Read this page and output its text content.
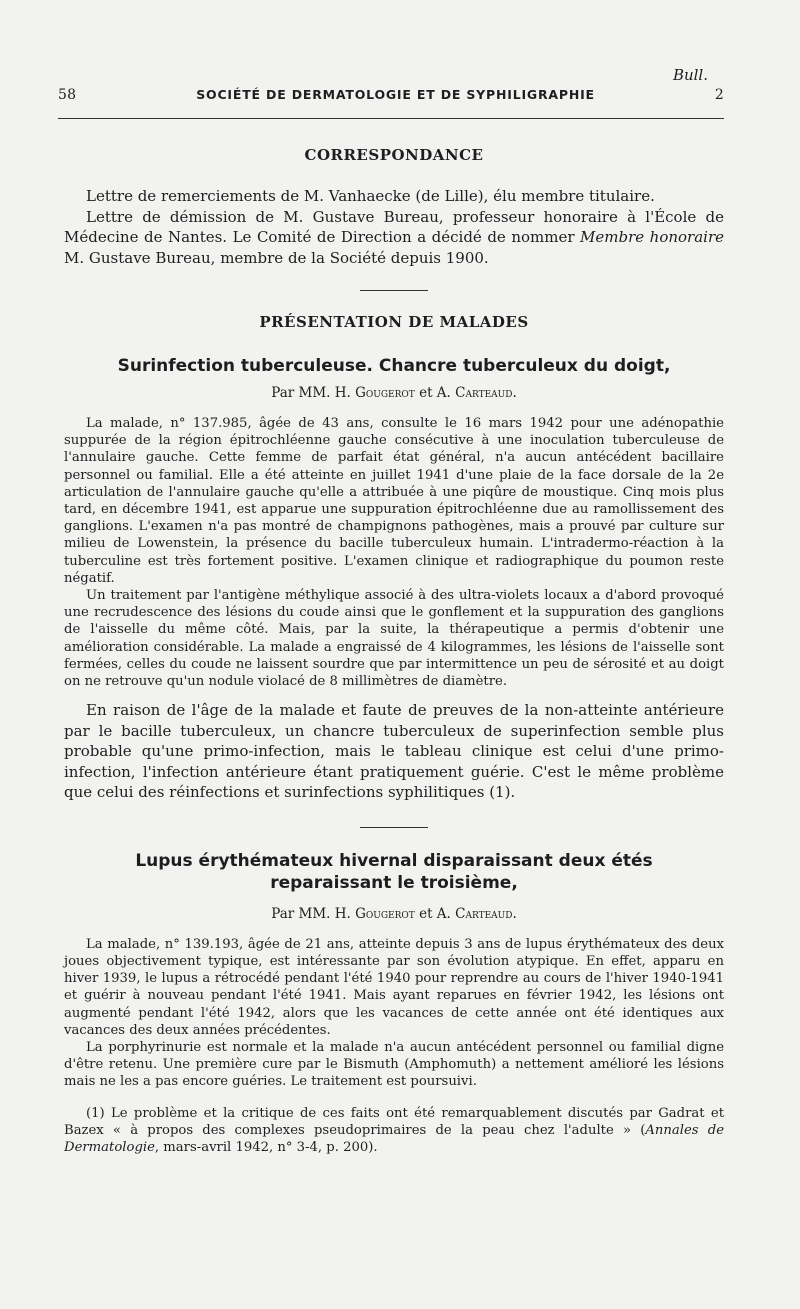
Bull.
58	SOCIÉTÉ DE DERMATOLOGIE ET DE SYPHILIGRAPHIE	2
CORRESPONDANCE

Lettre de remerciements de M. Vanhaecke (de Lille), élu membre titulaire.

Lettre de démission de M. Gustave Bureau, professeur honoraire à l'École de Médecine de Nantes. Le Comité de Direction a décidé de nommer Membre honoraire M. Gustave Bureau, membre de la Société depuis 1900.

PRÉSENTATION DE MALADES
Surinfection tuberculeuse. Chancre tuberculeux du doigt,

Par MM. H. Gougerot et A. Carteaud.

La malade, n° 137.985, âgée de 43 ans, consulte le 16 mars 1942 pour une adénopathie suppurée de la région épitrochléenne gauche consécutive à une inoculation tuberculeuse de l'annulaire gauche. Cette femme de parfait état général, n'a aucun antécédent bacillaire personnel ou familial. Elle a été atteinte en juillet 1941 d'une plaie de la face dorsale de la 2e articulation de l'annulaire gauche qu'elle a attribuée à une piqûre de moustique. Cinq mois plus tard, en décembre 1941, est apparue une suppuration épitrochléenne due au ramollissement des ganglions. L'examen n'a pas montré de champignons pathogènes, mais a prouvé par culture sur milieu de Lowenstein, la présence du bacille tuberculeux humain. L'intradermo-réaction à la tuberculine est très fortement positive. L'examen clinique et radiographique du poumon reste négatif.

Un traitement par l'antigène méthylique associé à des ultra-violets locaux a d'abord provoqué une recrudescence des lésions du coude ainsi que le gonflement et la suppuration des ganglions de l'aisselle du même côté. Mais, par la suite, la thérapeutique a permis d'obtenir une amélioration considérable. La malade a engraissé de 4 kilogrammes, les lésions de l'aisselle sont fermées, celles du coude ne laissent sourdre que par intermittence un peu de sérosité et au doigt on ne retrouve qu'un nodule violacé de 8 millimètres de diamètre.

En raison de l'âge de la malade et faute de preuves de la non-atteinte antérieure par le bacille tuberculeux, un chancre tuberculeux de superinfection semble plus probable qu'une primo-infection, mais le tableau clinique est celui d'une primo-infection, l'infection antérieure étant pratiquement guérie. C'est le même problème que celui des réinfections et surinfections syphilitiques (1).

Lupus érythémateux hivernal disparaissant deux étés
reparaissant le troisième,

Par MM. H. Gougerot et A. Carteaud.

La malade, n° 139.193, âgée de 21 ans, atteinte depuis 3 ans de lupus érythémateux des deux joues objectivement typique, est intéressante par son évolution atypique. En effet, apparu en hiver 1939, le lupus a rétrocédé pendant l'été 1940 pour reprendre au cours de l'hiver 1940-1941 et guérir à nouveau pendant l'été 1941. Mais ayant reparues en février 1942, les lésions ont augmenté pendant l'été 1942, alors que les vacances de cette année ont été identiques aux vacances des deux années précédentes.

La porphyrinurie est normale et la malade n'a aucun antécédent personnel ou familial digne d'être retenu. Une première cure par le Bismuth (Amphomuth) a nettement amélioré les lésions mais ne les a pas encore guéries. Le traitement est poursuivi.

(1) Le problème et la critique de ces faits ont été remarquablement discutés par Gadrat et Bazex « à propos des complexes pseudoprimaires de la peau chez l'adulte » (Annales de Dermatologie, mars-avril 1942, n° 3-4, p. 200).
